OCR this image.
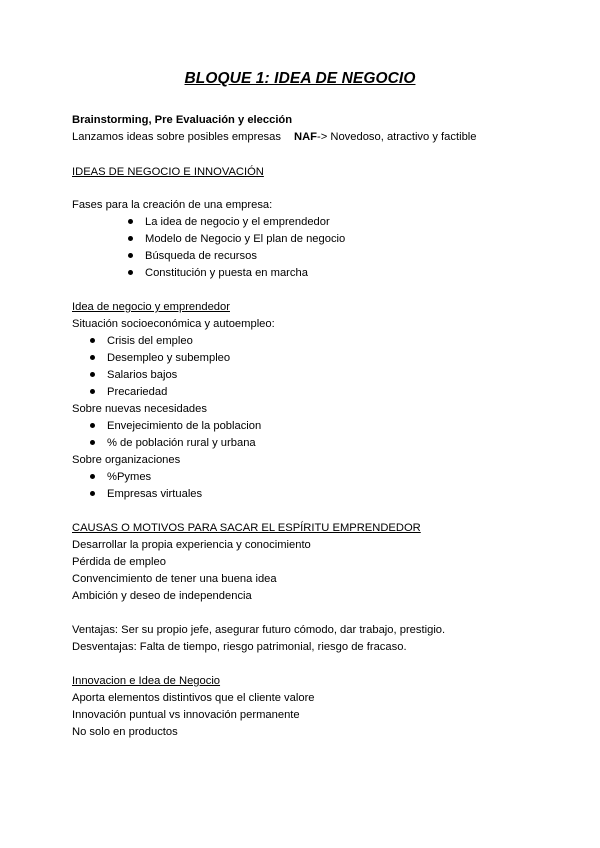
BLOQUE 1: IDEA DE NEGOCIO
Brainstorming, Pre Evaluación y elección
Lanzamos ideas sobre posibles empresas NAF-> Novedoso, atractivo y factible
IDEAS DE NEGOCIO E INNOVACIÓN
Fases para la creación de una empresa:
La idea de negocio y el emprendedor
Modelo de Negocio y El plan de negocio
Búsqueda de recursos
Constitución y puesta en marcha
Idea de negocio y emprendedor
Situación socioeconómica y autoempleo:
Crisis del empleo
Desempleo y subempleo
Salarios bajos
Precariedad
Sobre nuevas necesidades
Envejecimiento de la poblacion
% de población rural y urbana
Sobre organizaciones
%Pymes
Empresas virtuales
CAUSAS O MOTIVOS PARA SACAR EL ESPÍRITU EMPRENDEDOR
Desarrollar la propia experiencia y conocimiento
Pérdida de empleo
Convencimiento de tener una buena idea
Ambición y deseo de independencia
Ventajas: Ser su propio jefe, asegurar futuro cómodo, dar trabajo, prestigio.
Desventajas: Falta de tiempo, riesgo patrimonial, riesgo de fracaso.
Innovacion e Idea de Negocio
Aporta elementos distintivos que el cliente valore
Innovación puntual vs innovación permanente
No solo en productos
